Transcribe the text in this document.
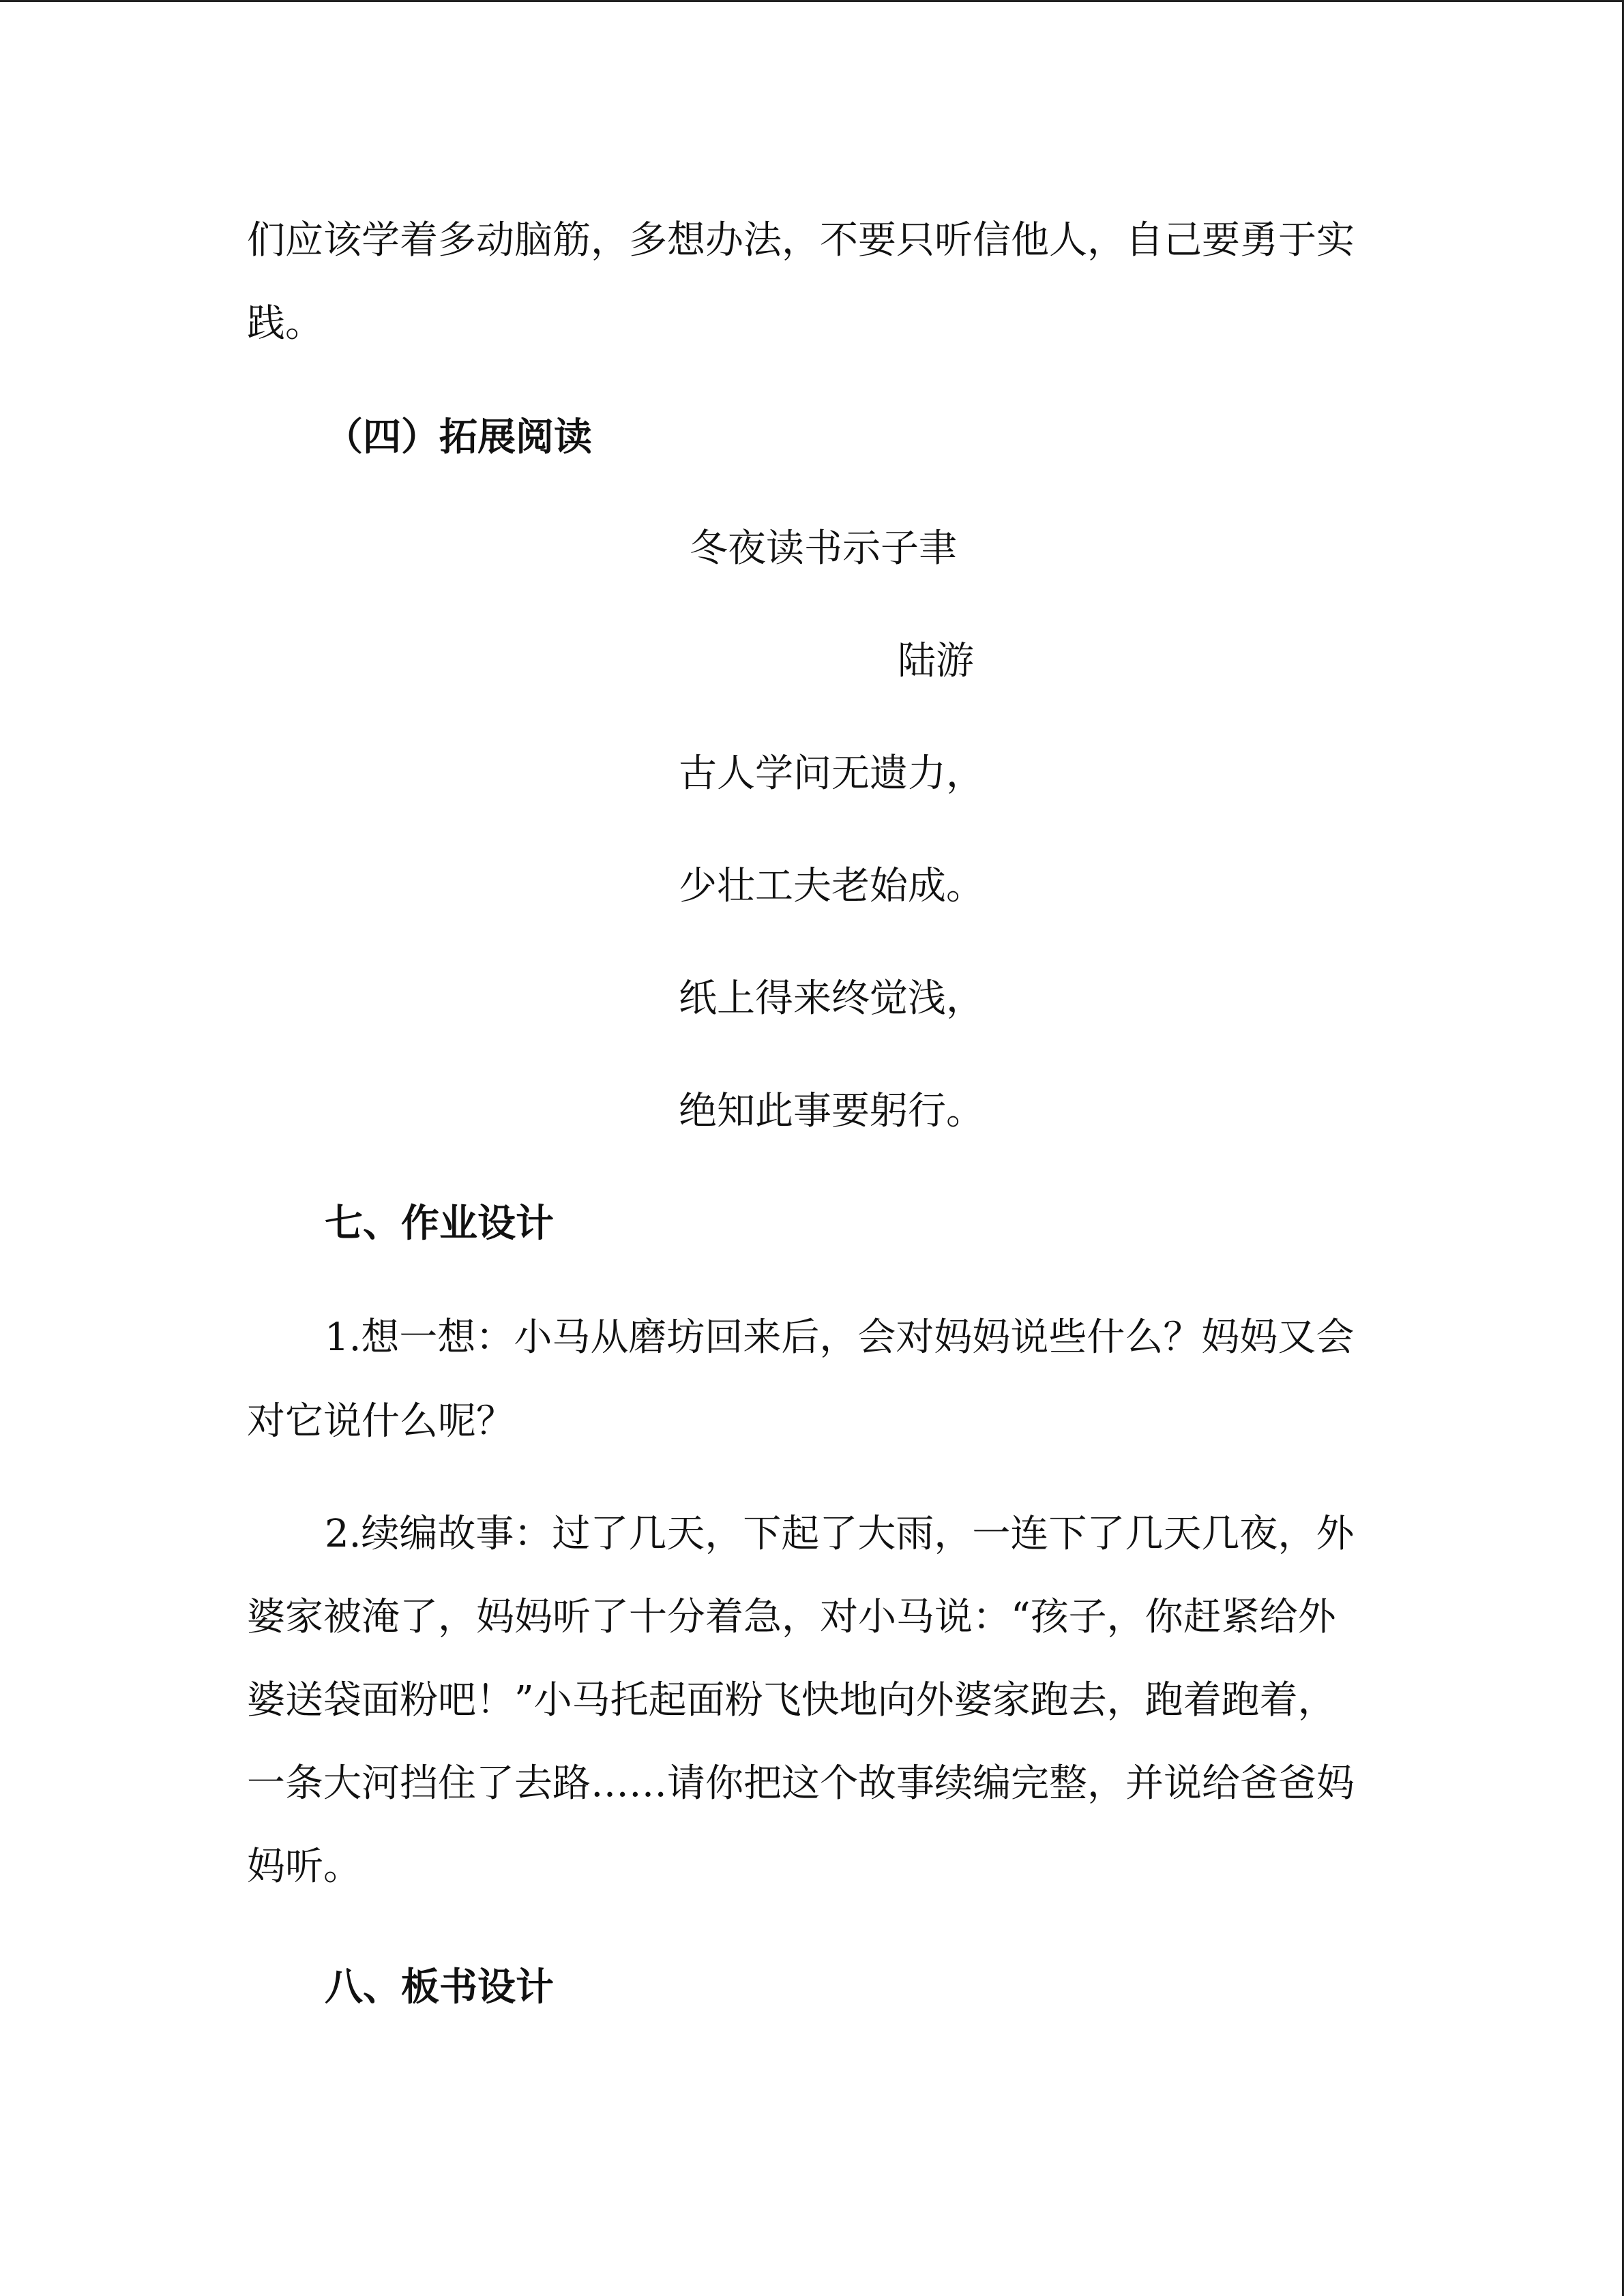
们应该学着多动脑筋，多想办法，不要只听信他人，自己要勇于实
践。
（四）拓展阅读
冬夜读书示子聿
陆游
古人学问无遗力，
少壮工夫老始成。
纸上得来终觉浅，
绝知此事要躬行。
七、作业设计
1.想一想：小马从磨坊回来后，会对妈妈说些什么？妈妈又会
对它说什么呢？
2.续编故事：过了几天，下起了大雨，一连下了几天几夜，外
婆家被淹了，妈妈听了十分着急，对小马说：“孩子，你赶紧给外
婆送袋面粉吧！”小马托起面粉飞快地向外婆家跑去，跑着跑着，
一条大河挡住了去路……请你把这个故事续编完整，并说给爸爸妈
妈听。
八、板书设计
